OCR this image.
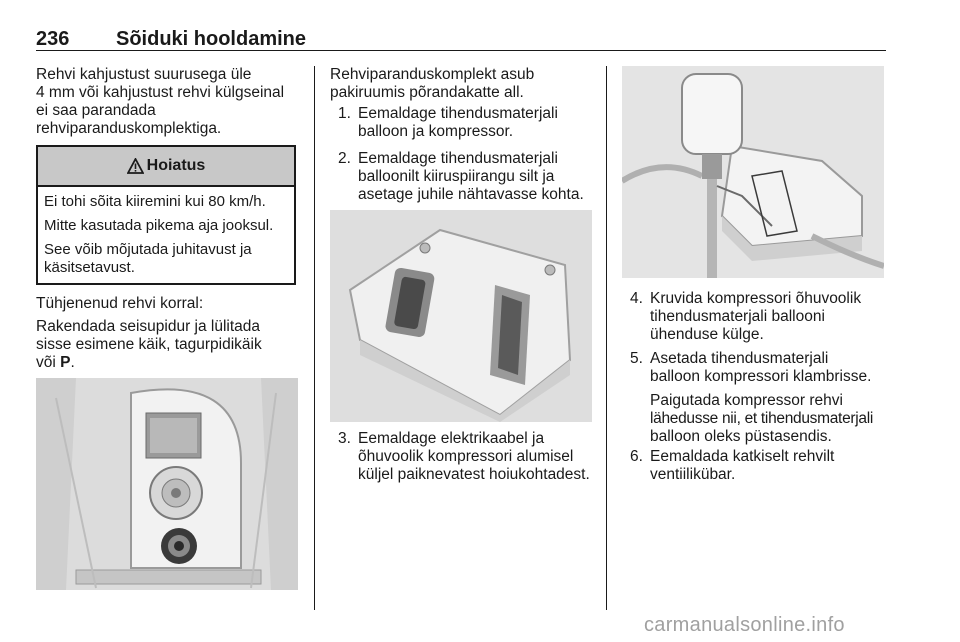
236 Sõiduki hooldamine
Rehvi kahjustust suurusega üle
4 mm või kahjustust rehvi külgseinal
ei saa parandada
rehviparanduskomplektiga.
Hoiatus

Ei tohi sõita kiiremini kui 80 km/h.

Mitte kasutada pikema aja jooksul.

See võib mõjutada juhitavust ja
käsitsetavust.

Tühjenenud rehvi korral:
Rakendada seisupidur ja lülitada
sisse esimene käik, tagurpidikäik
või P.
Rehviparanduskomplekt asub
pakiruumis põrandakatte all.
1. Eemaldage tihendusmaterjali
balloon ja kompressor.
2. Eemaldage tihendusmaterjali
balloonilt kiiruspiirangu silt ja
asetage juhile nähtavasse kohta.
3. Eemaldage elektrikaabel ja
õhuvoolik kompressori alumisel
küljel paiknevatest hoiukohtadest.
4. Kruvida kompressori õhuvoolik
tihendusmaterjali ballooni
ühenduse külge.
5. Asetada tihendusmaterjali
balloon kompressori klambrisse.
Paigutada kompressor rehvi
lähedusse nii, et tihendusmaterjali
balloon oleks püstasendis.
6. Eemaldada katkiselt rehvilt
ventiilikübar.
carmanualsonline.info
